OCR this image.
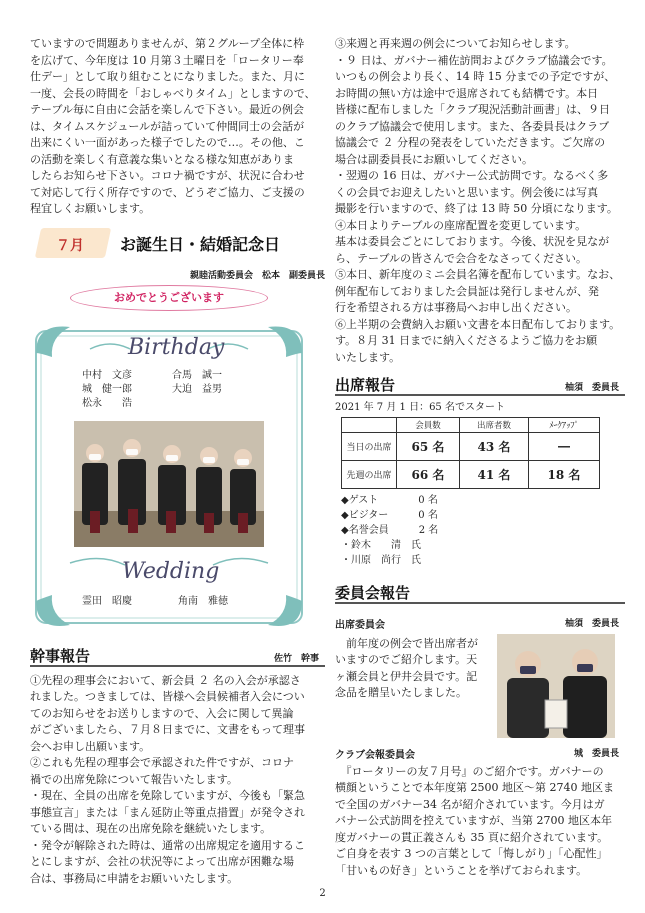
ていますので問題ありませんが、第２グループ全体に枠

を広げて、今年度は 10 月第３土曜日を「ロータリー奉

仕デー」として取り組むことになりました。また、月に

一度、会長の時間を「おしゃべりタイム」としますので、

テーブル毎に自由に会話を楽しんで下さい。最近の例会

は、タイムスケジュールが詰っていて仲間同士の会話が

出来にくい一面があった様子でしたので…。その他、こ

の活動を楽しく有意義な集いとなる様な知恵がありま

したらお知らせ下さい。コロナ禍ですが、状況に合わせ

て対応して行く所存ですので、どうぞご協力、ご支援の

程宜しくお願いします。

７月 お誕生日・結婚記念日
親睦活動委員会　松本　副委員長
おめでとうございます
Birthday
中村　文彦
城　健一郎
松永　　浩
合馬　誠一
大迫　益男
Wedding
霊田　昭慶	角南　雅徳
幹事報告	佐竹　幹事

①先程の理事会において、新会員 ２ 名の入会が承認さ

れました。つきましては、皆様へ会員候補者入会につい

てのお知らせをお送りしますので、入会に関して異論

がございましたら、７月８日までに、文書をもって理事

会へお申し出願います。

②これも先程の理事会で承認された件ですが、コロナ

禍での出席免除について報告いたします。

・現在、全員の出席を免除していますが、今後も「緊急

事態宣言」または「まん延防止等重点措置」が発令され

ている間は、現在の出席免除を継続いたします。

・発令が解除された時は、通常の出席規定を適用するこ

とにしますが、会社の状況等によって出席が困難な場

合は、事務局に申請をお願いいたします。

③来週と再来週の例会についてお知らせします。

・９ 日は、ガバナー補佐訪問およびクラブ協議会です。

いつもの例会より長く、14 時 15 分までの予定ですが、

お時間の無い方は途中で退席されても結構です。本日

皆様に配布しました「クラブ現況活動計画書」は、９日

のクラブ協議会で使用します。また、各委員長はクラブ

協議会で ２ 分程の発表をしていただきます。ご欠席の

場合は副委員長にお願いしてください。

・翌週の 16 日は、ガバナー公式訪問です。なるべく多

くの会員でお迎えしたいと思います。例会後には写真

撮影を行いますので、終了は 13 時 50 分頃になります。

④本日よりテーブルの座席配置を変更しています。

基本は委員会ごとにしております。今後、状況を見なが

ら、テーブルの皆さんで会合をなさってください。

⑤本日、新年度のミニ会員名簿を配布しています。なお、

例年配布しておりました会員証は発行しませんが、発

行を希望される方は事務局へお申し出ください。

⑥上半期の会費納入お願い文書を本日配布しております。

す。８月 31 日までに納入くださるようご協力をお願

いたします。

出席報告	柚須　委員長

2021 年 7 月 1 日：65 名でスタート

	会員数	出席者数	ﾒｰｸｱｯﾌﾟ
当日の出席	65 名	43 名	―
先週の出席	66 名	41 名	18 名
◆ゲスト　　　　0 名
◆ビジター　　　0 名
◆名誉会員　　　2 名
・鈴木　　清　氏
・川原　尚行　氏
委員会報告
出席委員会	柚須　委員長

　前年度の例会で皆出席者が

いますのでご紹介します。天

ヶ瀬会員と伊井会員です。記

念品を贈呈いたしました。

クラブ会報委員会	城　委員長

　『ロータリーの友７月号』のご紹介です。ガバナーの

横顔ということで本年度第 2500 地区～第 2740 地区ま

で全国のガバナー34 名が紹介されています。今月はガ

バナー公式訪問を控えていますが、当第 2700 地区本年

度ガバナーの貫正義さんも 35 頁に紹介されています。

ご自身を表す 3 つの言葉として「悔しがり」「心配性」

「甘いもの好き」ということを挙げておられます。

2
